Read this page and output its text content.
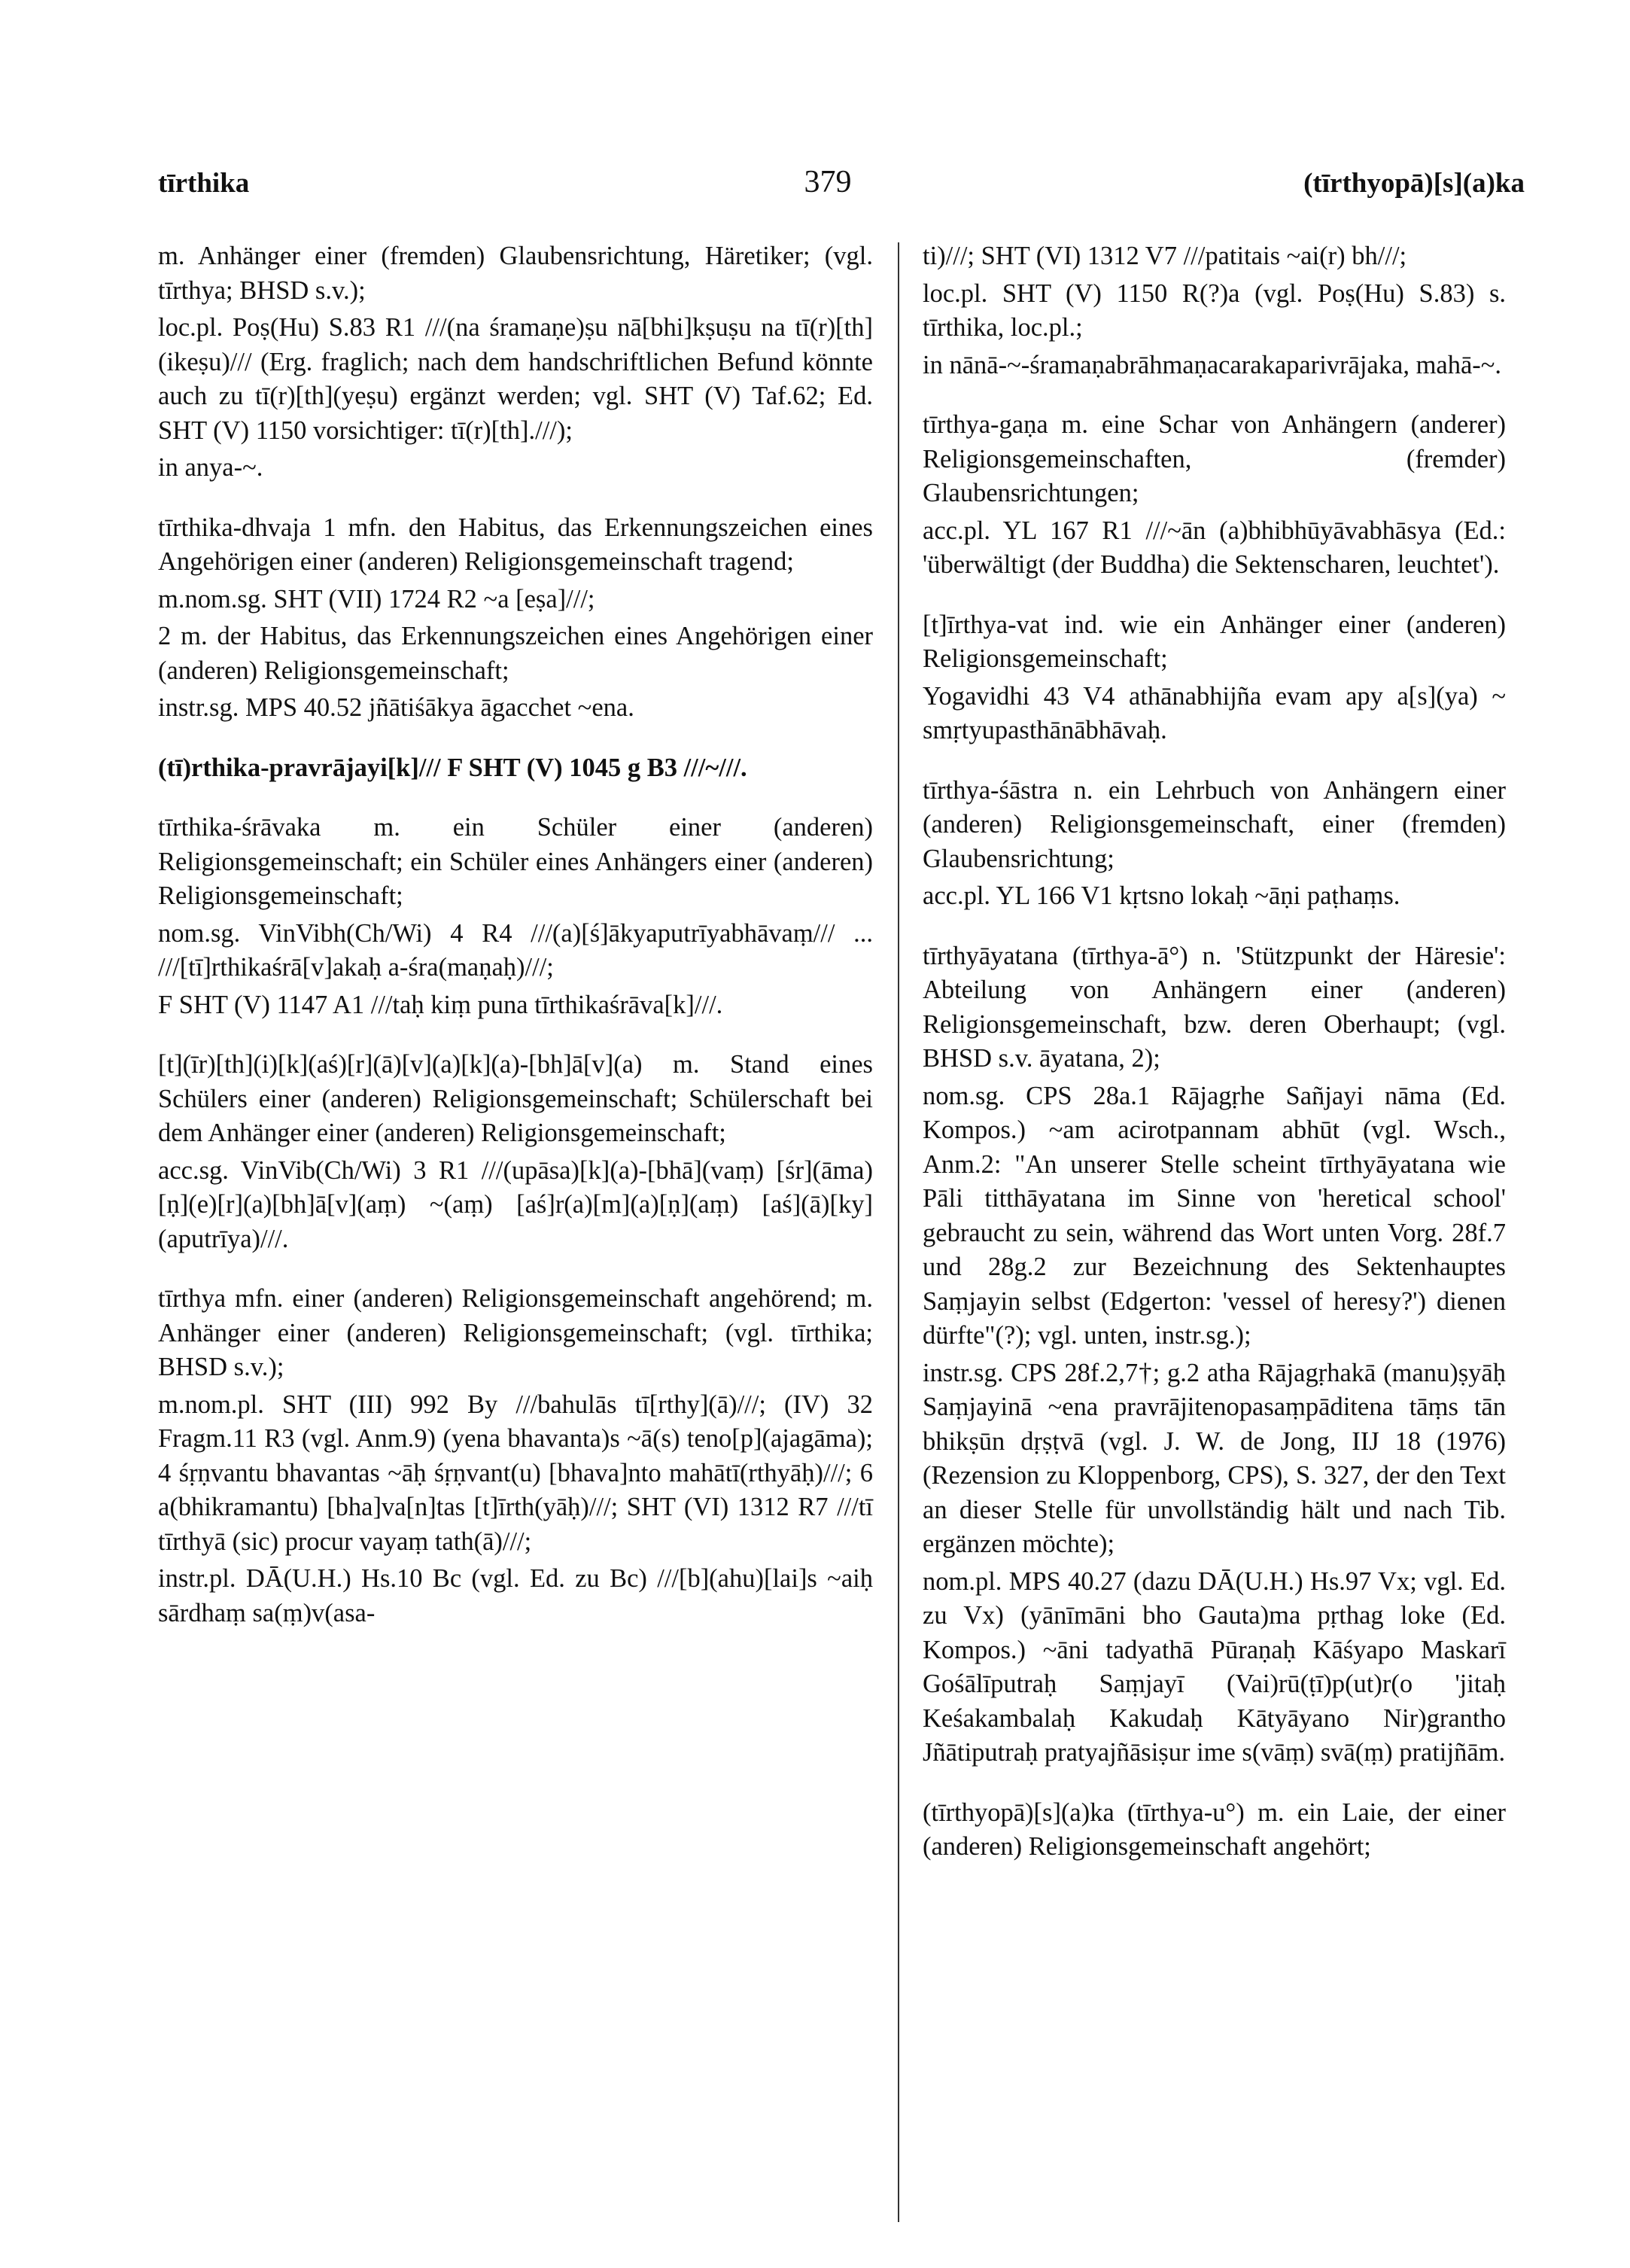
tīrthika	379	(tīrthyopā)[s](a)ka

m. Anhänger einer (fremden) Glaubensrichtung, Häretiker; (vgl. tīrthya; BHSD s.v.);

loc.pl. Poṣ(Hu) S.83 R1 ///(na śramaṇe)ṣu nā[bhi]kṣuṣu na tī(r)[th](ikeṣu)/// (Erg. fraglich; nach dem handschriftlichen Befund könnte auch zu tī(r)[th](yeṣu) ergänzt werden; vgl. SHT (V) Taf.62; Ed. SHT (V) 1150 vorsichtiger: tī(r)[th].///);

in anya-~.

tīrthika-dhvaja 1 mfn. den Habitus, das Erkennungszeichen eines Angehörigen einer (anderen) Religionsgemeinschaft tragend;

m.nom.sg. SHT (VII) 1724 R2 ~a [eṣa]///;

2 m. der Habitus, das Erkennungszeichen eines Angehörigen einer (anderen) Religionsgemeinschaft;

instr.sg. MPS 40.52 jñātiśākya āgacchet ~ena.

(tī)rthika-pravrājayi[k]/// F SHT (V) 1045 g B3 ///~///.

tīrthika-śrāvaka m. ein Schüler einer (anderen) Religionsgemeinschaft; ein Schüler eines Anhängers einer (anderen) Religionsgemeinschaft;

nom.sg. VinVibh(Ch/Wi) 4 R4 ///(a)[ś]ākyaputrīyabhāvaṃ/// ... ///[tī]rthikaśrā[v]akaḥ a-śra(maṇaḥ)///;

F SHT (V) 1147 A1 ///taḥ kiṃ puna tīrthikaśrāva[k]///.

[t](īr)[th](i)[k](aś)[r](ā)[v](a)[k](a)-[bh]ā[v](a) m. Stand eines Schülers einer (anderen) Religionsgemeinschaft; Schülerschaft bei dem Anhänger einer (anderen) Religionsgemeinschaft;

acc.sg. VinVib(Ch/Wi) 3 R1 ///(upāsa)[k](a)-[bhā](vaṃ) [śr](āma)[ṇ](e)[r](a)[bh]ā[v](aṃ) ~(aṃ) [aś]r(a)[m](a)[ṇ](aṃ) [aś](ā)[ky](aputrīya)///.

tīrthya mfn. einer (anderen) Religionsgemeinschaft angehörend; m. Anhänger einer (anderen) Religionsgemeinschaft; (vgl. tīrthika; BHSD s.v.);

m.nom.pl. SHT (III) 992 By ///bahulās tī[rthy](ā)///; (IV) 32 Fragm.11 R3 (vgl. Anm.9) (yena bhavanta)s ~ā(s) teno[p](ajagāma); 4 śṛṇvantu bhavantas ~āḥ śṛṇvant(u) [bhava]nto mahātī(rthyāḥ)///; 6 a(bhikramantu) [bha]va[n]tas [t]īrth(yāḥ)///; SHT (VI) 1312 R7 ///tī tīrthyā (sic) procur vayaṃ tath(ā)///;

instr.pl. DĀ(U.H.) Hs.10 Bc (vgl. Ed. zu Bc) ///[b](ahu)[lai]s ~aiḥ sārdhaṃ sa(ṃ)v(asa-

ti)///; SHT (VI) 1312 V7 ///patitais ~ai(r) bh///;

loc.pl. SHT (V) 1150 R(?)a (vgl. Poṣ(Hu) S.83) s. tīrthika, loc.pl.;

in nānā-~-śramaṇabrāhmaṇacarakaparivrājaka, mahā-~.

tīrthya-gaṇa m. eine Schar von Anhängern (anderer) Religionsgemeinschaften, (fremder) Glaubensrichtungen;

acc.pl. YL 167 R1 ///~ān (a)bhibhūyāvabhāsya (Ed.: 'überwältigt (der Buddha) die Sektenscharen, leuchtet').

[t]īrthya-vat ind. wie ein Anhänger einer (anderen) Religionsgemeinschaft;

Yogavidhi 43 V4 athānabhijña evam apy a[s](ya) ~ smṛtyupasthānābhāvaḥ.

tīrthya-śāstra n. ein Lehrbuch von Anhängern einer (anderen) Religionsgemeinschaft, einer (fremden) Glaubensrichtung;

acc.pl. YL 166 V1 kṛtsno lokaḥ ~āṇi paṭhaṃs.

tīrthyāyatana (tīrthya-ā°) n. 'Stützpunkt der Häresie': Abteilung von Anhängern einer (anderen) Religionsgemeinschaft, bzw. deren Oberhaupt; (vgl. BHSD s.v. āyatana, 2);

nom.sg. CPS 28a.1 Rājagṛhe Sañjayi nāma (Ed. Kompos.) ~am acirotpannam abhūt (vgl. Wsch., Anm.2: "An unserer Stelle scheint tīrthyāyatana wie Pāli titthāyatana im Sinne von 'heretical school' gebraucht zu sein, während das Wort unten Vorg. 28f.7 und 28g.2 zur Bezeichnung des Sektenhauptes Saṃjayin selbst (Edgerton: 'vessel of heresy?') dienen dürfte"(?); vgl. unten, instr.sg.);

instr.sg. CPS 28f.2,7†; g.2 atha Rājagṛhakā (manu)ṣyāḥ Saṃjayinā ~ena pravrājitenopasaṃpāditena tāṃs tān bhikṣūn dṛṣṭvā (vgl. J. W. de Jong, IIJ 18 (1976) (Rezension zu Kloppenborg, CPS), S. 327, der den Text an dieser Stelle für unvollständig hält und nach Tib. ergänzen möchte);

nom.pl. MPS 40.27 (dazu DĀ(U.H.) Hs.97 Vx; vgl. Ed. zu Vx) (yānīmāni bho Gauta)ma pṛthag loke (Ed. Kompos.) ~āni tadyathā Pūraṇaḥ Kāśyapo Maskarī Gośālīputraḥ Saṃjayī (Vai)rū(ṭī)p(ut)r(o 'jitaḥ Keśakambalaḥ Kakudaḥ Kātyāyano Nir)grantho Jñātiputraḥ pratyajñāsiṣur ime s(vāṃ) svā(ṃ) pratijñām.

(tīrthyopā)[s](a)ka (tīrthya-u°) m. ein Laie, der einer (anderen) Religionsgemeinschaft angehört;
